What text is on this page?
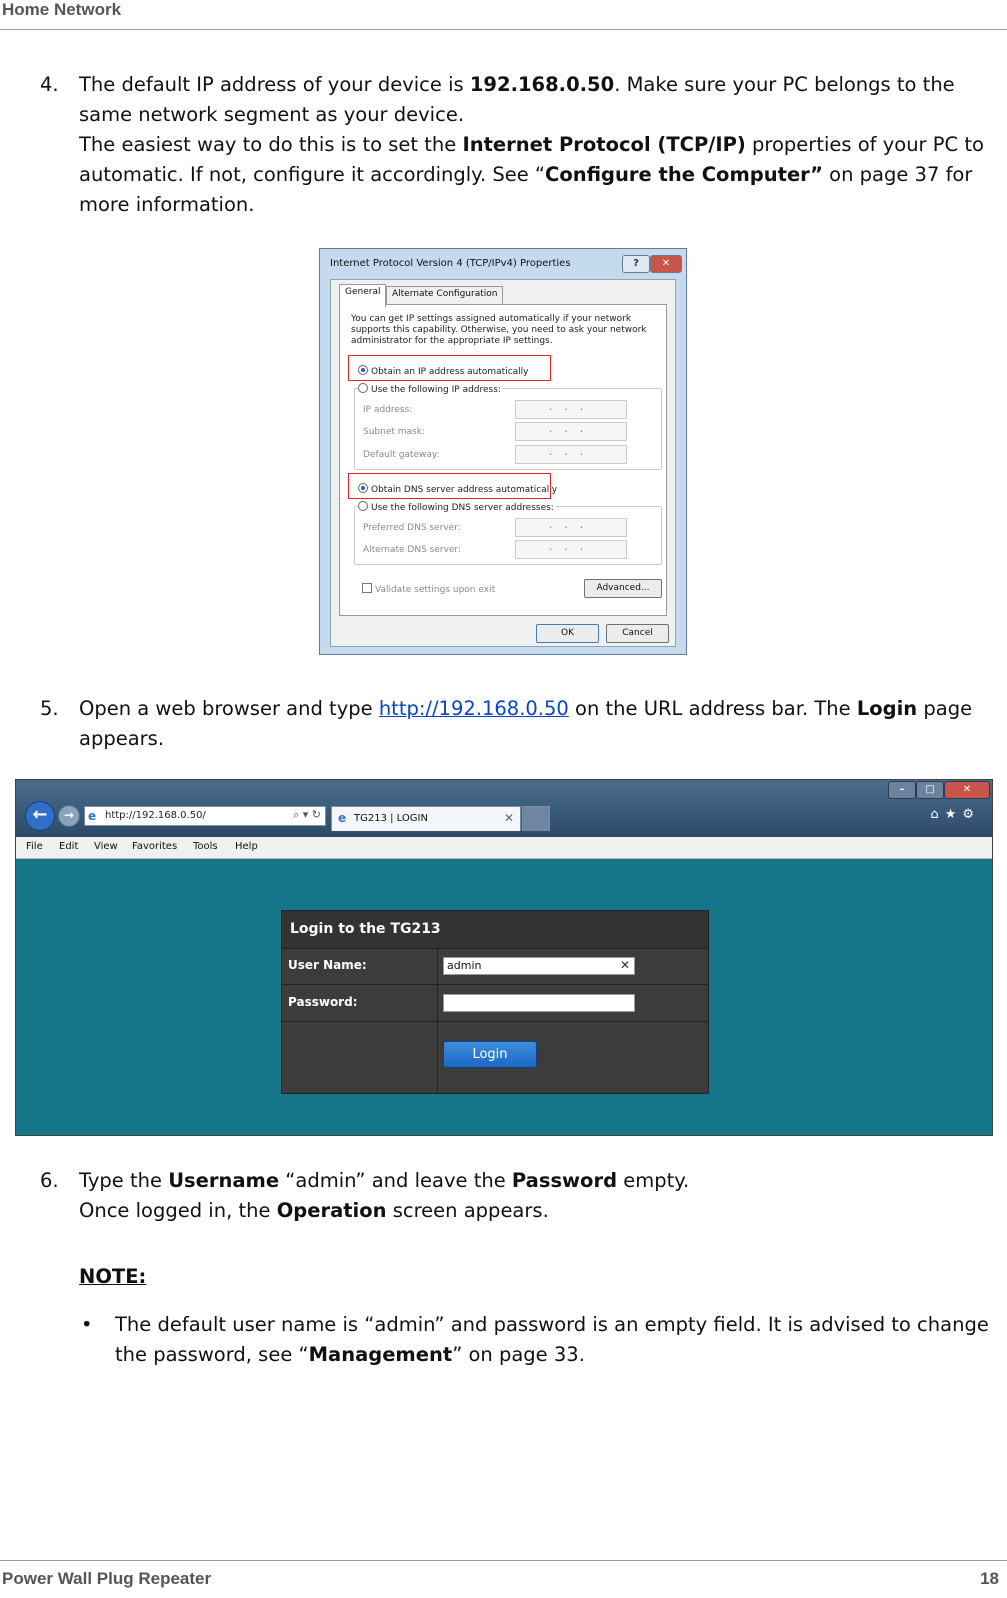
Home Network
4. The default IP address of your device is 192.168.0.50. Make sure your PC belongs to the same network segment as your device.
The easiest way to do this is to set the Internet Protocol (TCP/IP) properties of your PC to automatic. If not, configure it accordingly. See “Configure the Computer” on page 37 for more information.
Internet Protocol Version 4 (TCP/IPv4) Properties	?	✕
General	Alternate Configuration
You can get IP settings assigned automatically if your network supports this capability. Otherwise, you need to ask your network administrator for the appropriate IP settings.
Obtain an IP address automatically
Use the following IP address:
IP address:	...
Subnet mask:	...
Default gateway:	...
Obtain DNS server address automatically
Use the following DNS server addresses:
Preferred DNS server:	...
Alternate DNS server:	...
Validate settings upon exit	Advanced...
OK	Cancel
5. Open a web browser and type http://192.168.0.50 on the URL address bar. The Login page appears.
–	□	✕
←	→	e http://192.168.0.50/	⌕ ▾ ↻ e TG213 | LOGIN	✕	⌂★⚙
File Edit View Favorites Tools Help
Login to the TG213
User Name:	admin	✕
Password:
Login
6. Type the Username “admin” and leave the Password empty.
Once logged in, the Operation screen appears.
NOTE:
• The default user name is “admin” and password is an empty field. It is advised to change the password, see “Management” on page 33.
Power Wall Plug Repeater	18
